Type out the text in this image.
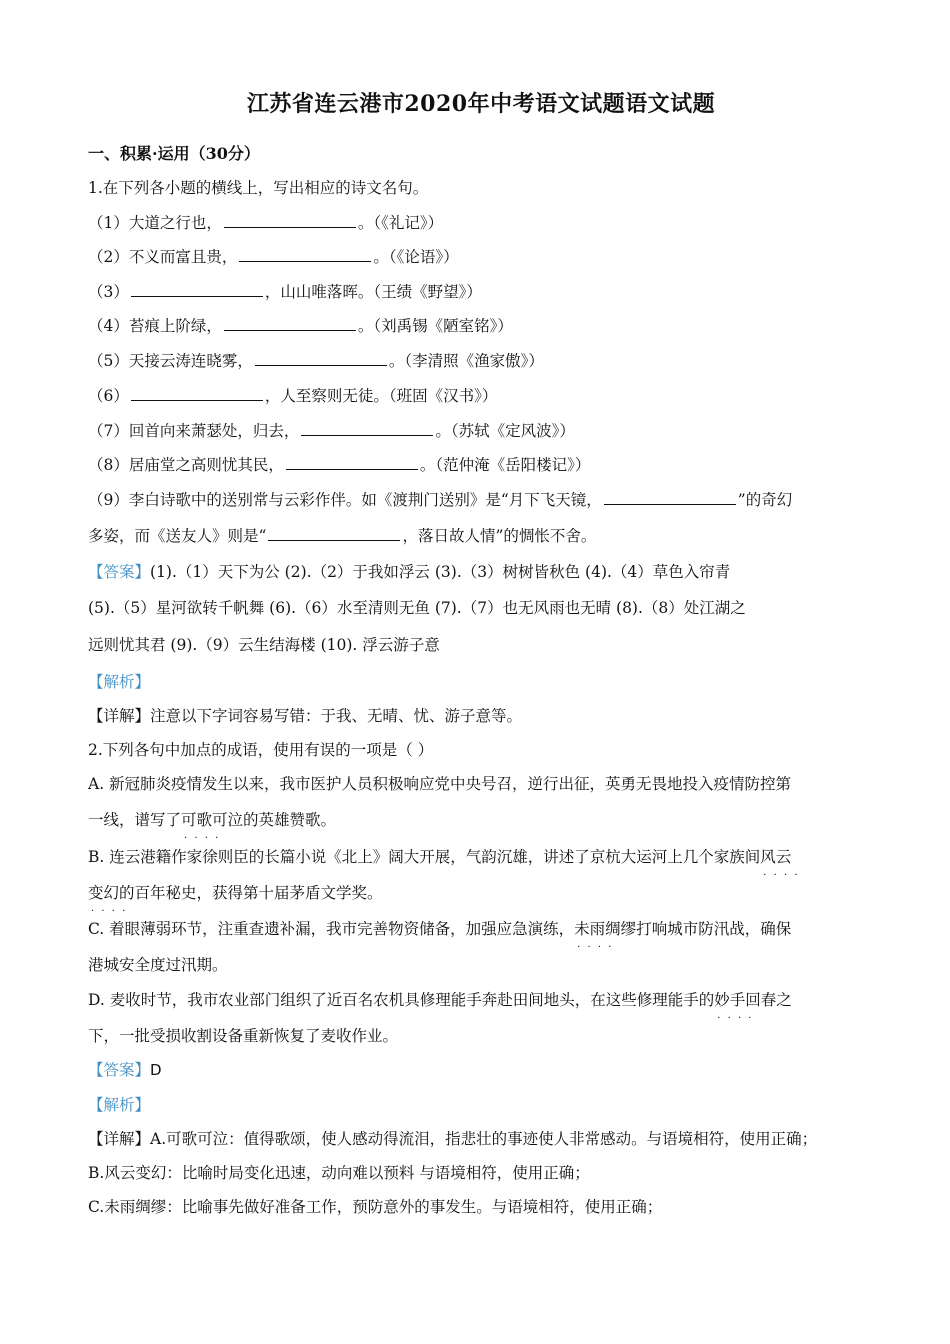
江苏省连云港市2020年中考语文试题语文试题
一、积累·运用（30分）
1.在下列各小题的横线上，写出相应的诗文名句。
（1）大道之行也，	。（《礼记》）
（2）不义而富且贵，	。（《论语》）
（3）	，山山唯落晖。（王绩《野望》）
（4）苔痕上阶绿，	。（刘禹锡《陋室铭》）
（5）天接云涛连晓雾，	。（李清照《渔家傲》）
（6）	，人至察则无徒。（班固《汉书》）
（7）回首向来萧瑟处，归去，	。（苏轼《定风波》）
（8）居庙堂之高则忧其民，	。（范仲淹《岳阳楼记》）
（9）李白诗歌中的送别常与云彩作伴。如《渡荆门送别》是“月下飞天镜，	”的奇幻
多姿，而《送友人》则是“	，落日故人情”的惆怅不舍。
【答案】(1).（1）天下为公 (2).（2）于我如浮云 (3).（3）树树皆秋色 (4).（4）草色入帘青
(5).（5）星河欲转千帆舞 (6).（6）水至清则无鱼 (7).（7）也无风雨也无晴 (8).（8）处江湖之
远则忧其君 (9).（9）云生结海楼 (10). 浮云游子意
【解析】
【详解】注意以下字词容易写错：于我、无晴、忧、游子意等。
2.下列各句中加点的成语，使用有误的一项是（ ）
A. 新冠肺炎疫情发生以来，我市医护人员积极响应党中央号召，逆行出征，英勇无畏地投入疫情防控第
一线，谱写了可歌可泣 · · · ·的英雄赞歌。
B. 连云港籍作家徐则臣的长篇小说《北上》阔大开展，气韵沉雄，讲述了京杭大运河上几个家族间风云 · · · ·
变幻 · · · ·的百年秘史，获得第十届茅盾文学奖。
C. 着眼薄弱环节，注重查遗补漏，我市完善物资储备，加强应急演练，未雨绸缪 · · · ·打响城市防汛战，确保
港城安全度过汛期。
D. 麦收时节，我市农业部门组织了近百名农机具修理能手奔赴田间地头，在这些修理能手的妙手回春 · · · ·之
下，一批受损收割设备重新恢复了麦收作业。
【答案】D
【解析】
【详解】A.可歌可泣：值得歌颂，使人感动得流泪，指悲壮的事迹使人非常感动。与语境相符，使用正确；
B.风云变幻：比喻时局变化迅速，动向难以预料 与语境相符，使用正确；
C.未雨绸缪：比喻事先做好准备工作，预防意外的事发生。与语境相符，使用正确；
